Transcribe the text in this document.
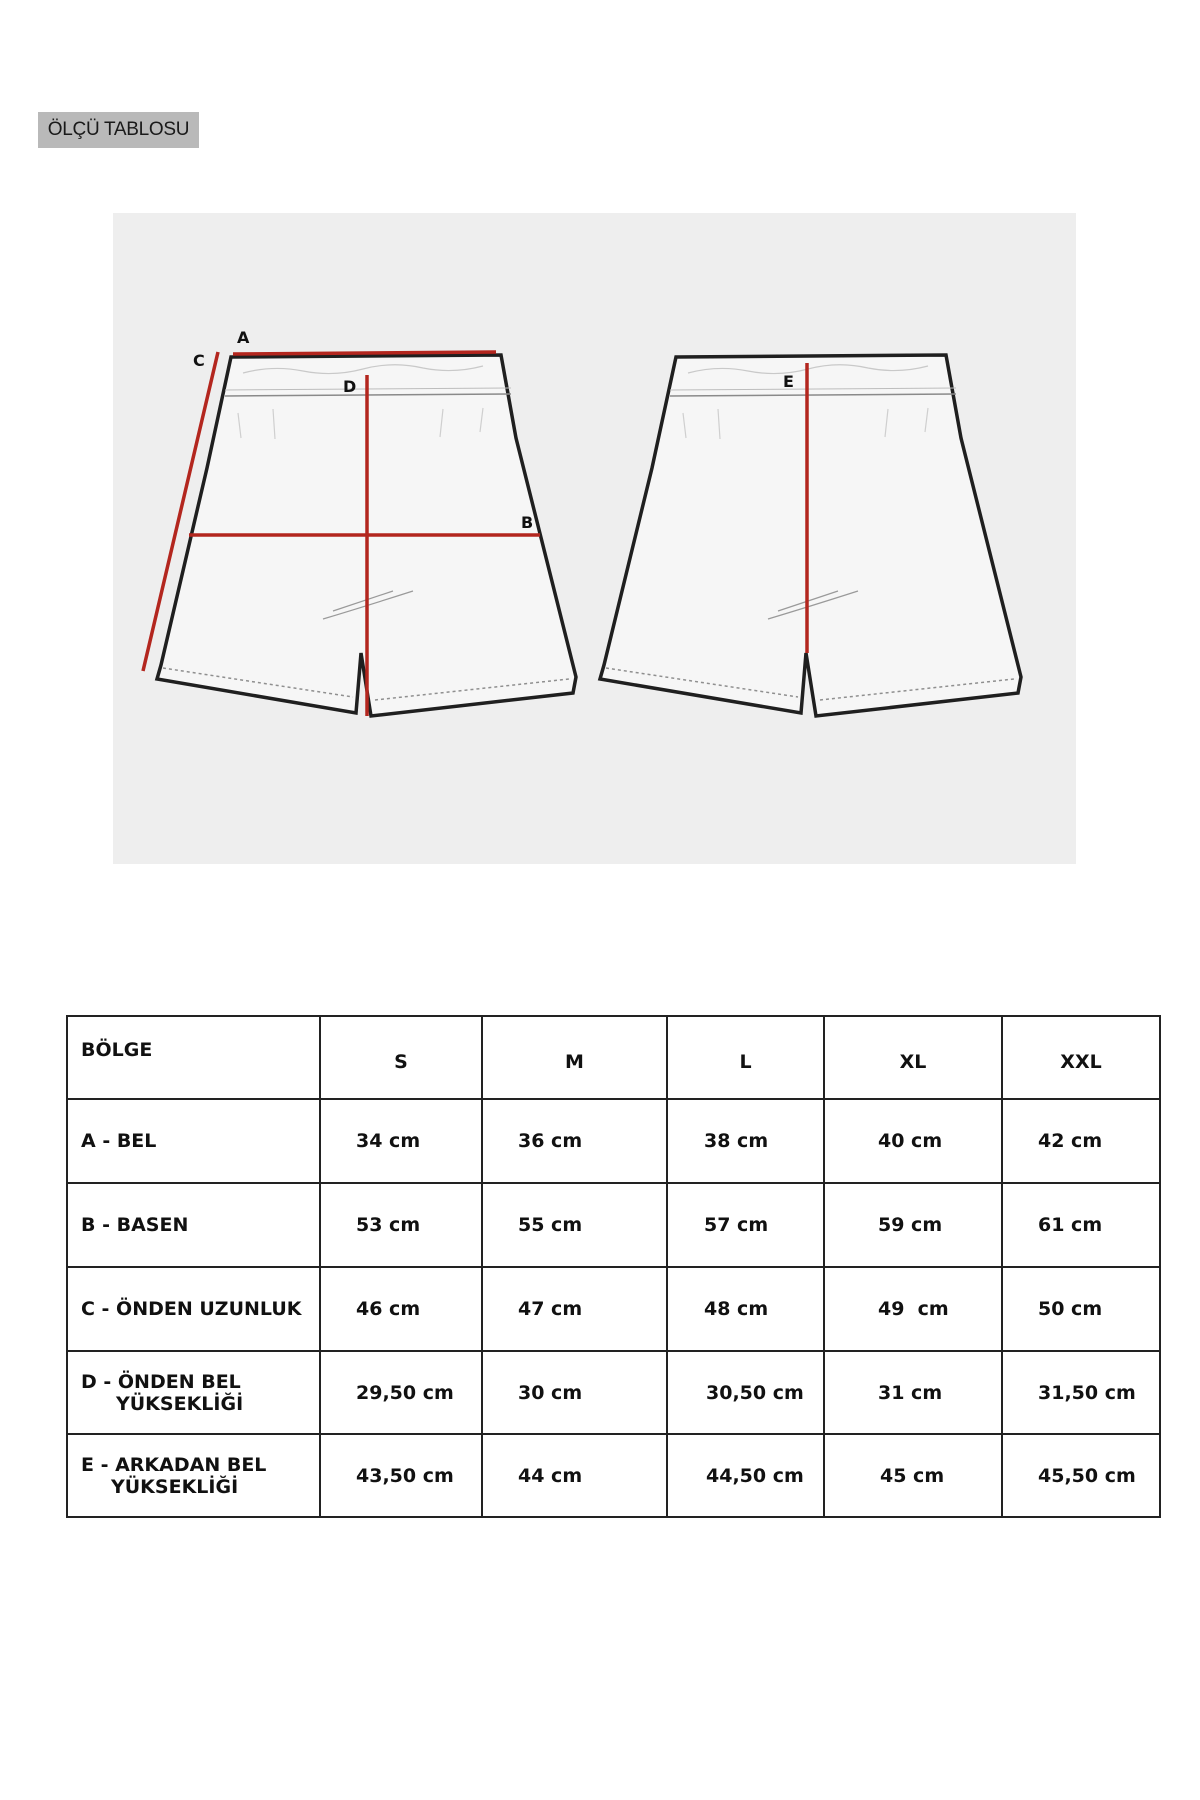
ÖLÇÜ TABLOSU
A
C
D
B
E
BÖLGE	S	M	L	XL	XXL
A - BEL	34 cm	36 cm	38 cm	40 cm	42 cm
B - BASEN	53 cm	55 cm	57 cm	59 cm	61 cm
C - ÖNDEN UZUNLUK	46 cm	47 cm	48 cm	49  cm	50 cm

D - ÖNDEN BEL
YÜKSEKLİĞİ	29,50 cm	30 cm	30,50 cm	31 cm	31,50 cm

E - ARKADAN BEL
YÜKSEKLİĞİ	43,50 cm	44 cm	44,50 cm	45 cm	45,50 cm
